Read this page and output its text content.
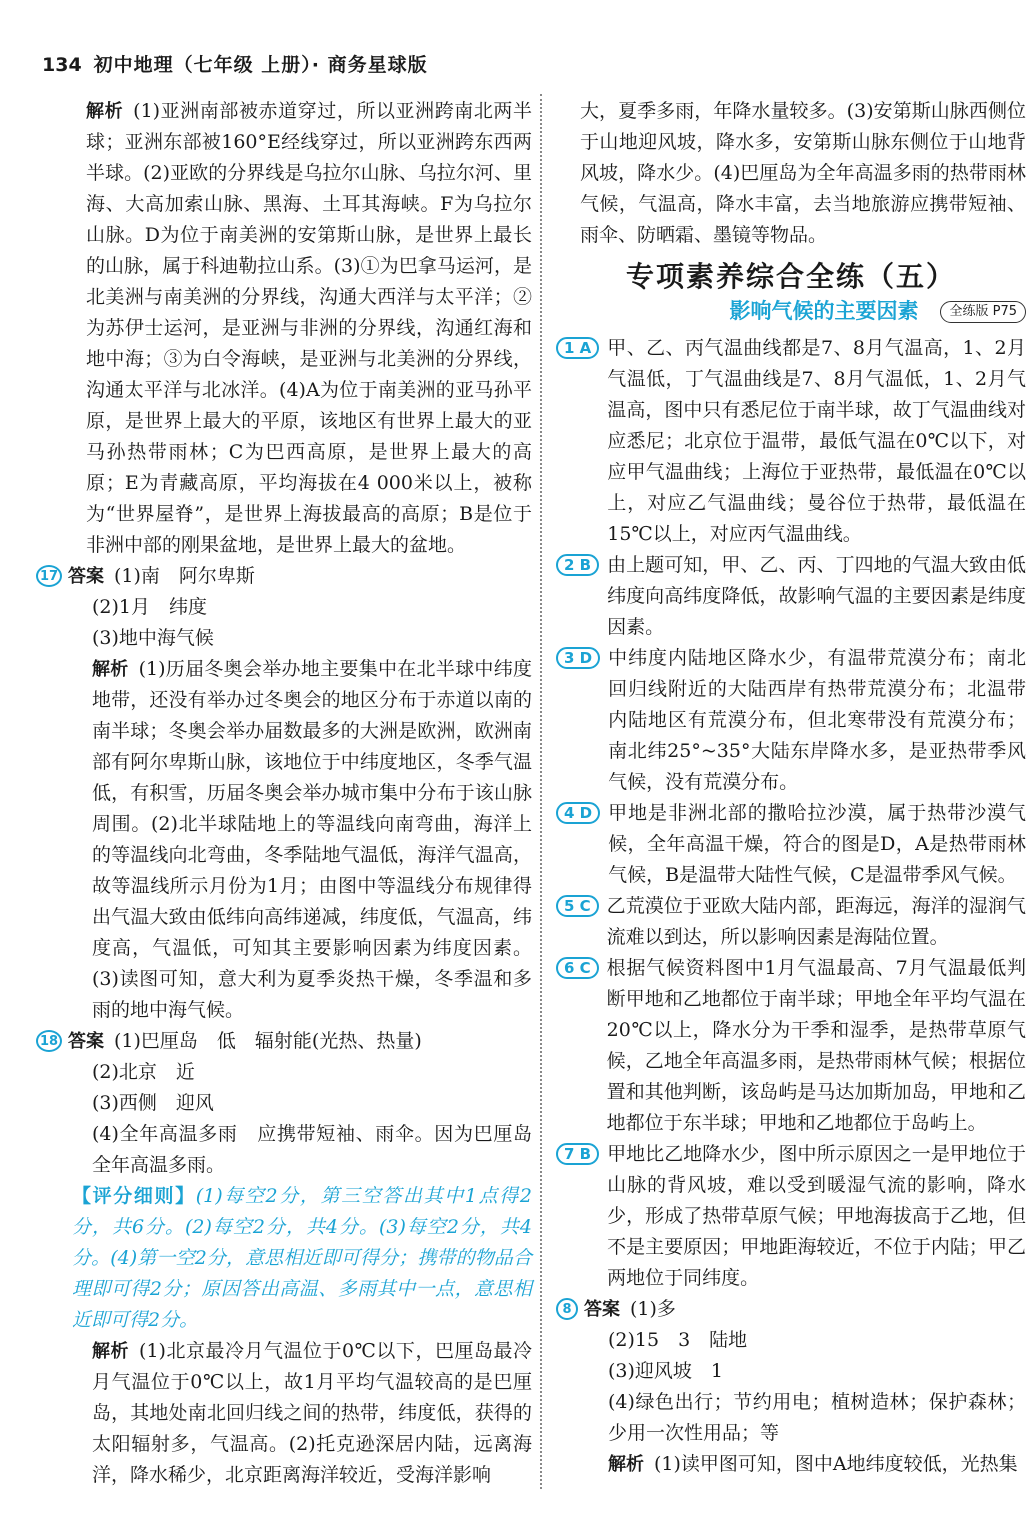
134 初中地理（七年级 上册）· 商务星球版
解析 (1)亚洲南部被赤道穿过，所以亚洲跨南北两半球；亚洲东部被160°E经线穿过，所以亚洲跨东西两半球。(2)亚欧的分界线是乌拉尔山脉、乌拉尔河、里海、大高加索山脉、黑海、土耳其海峡。F为乌拉尔山脉。D为位于南美洲的安第斯山脉，是世界上最长的山脉，属于科迪勒拉山系。(3)①为巴拿马运河，是北美洲与南美洲的分界线，沟通大西洋与太平洋；②为苏伊士运河，是亚洲与非洲的分界线，沟通红海和地中海；③为白令海峡，是亚洲与北美洲的分界线，沟通太平洋与北冰洋。(4)A为位于南美洲的亚马孙平原，是世界上最大的平原，该地区有世界上最大的亚马孙热带雨林；C为巴西高原，是世界上最大的高原；E为青藏高原，平均海拔在4 000米以上，被称为“世界屋脊”，是世界上海拔最高的高原；B是位于非洲中部的刚果盆地，是世界上最大的盆地。
17 答案 (1)南　阿尔卑斯
(2)1月　纬度
(3)地中海气候
解析 (1)历届冬奥会举办地主要集中在北半球中纬度地带，还没有举办过冬奥会的地区分布于赤道以南的南半球；冬奥会举办届数最多的大洲是欧洲，欧洲南部有阿尔卑斯山脉，该地位于中纬度地区，冬季气温低，有积雪，历届冬奥会举办城市集中分布于该山脉周围。(2)北半球陆地上的等温线向南弯曲，海洋上的等温线向北弯曲，冬季陆地气温低，海洋气温高，故等温线所示月份为1月；由图中等温线分布规律得出气温大致由低纬向高纬递减，纬度低，气温高，纬度高，气温低，可知其主要影响因素为纬度因素。(3)读图可知，意大利为夏季炎热干燥，冬季温和多雨的地中海气候。
18 答案 (1)巴厘岛　低　辐射能(光热、热量)
(2)北京　近
(3)西侧　迎风
(4)全年高温多雨　应携带短袖、雨伞。因为巴厘岛全年高温多雨。
【评分细则】(1)每空2分，第三空答出其中1点得2分，共6分。(2)每空2分，共4分。(3)每空2分，共4分。(4)第一空2分，意思相近即可得分；携带的物品合理即可得2分；原因答出高温、多雨其中一点，意思相近即可得2分。
解析 (1)北京最冷月气温位于0℃以下，巴厘岛最冷月气温位于0℃以上，故1月平均气温较高的是巴厘岛，其地处南北回归线之间的热带，纬度低，获得的太阳辐射多，气温高。(2)托克逊深居内陆，远离海洋，降水稀少，北京距离海洋较近，受海洋影响
大，夏季多雨，年降水量较多。(3)安第斯山脉西侧位于山地迎风坡，降水多，安第斯山脉东侧位于山地背风坡，降水少。(4)巴厘岛为全年高温多雨的热带雨林气候，气温高，降水丰富，去当地旅游应携带短袖、雨伞、防晒霜、墨镜等物品。
专项素养综合全练（五）
影响气候的主要因素	全练版 P75
1 A 甲、乙、丙气温曲线都是7、8月气温高，1、2月气温低，丁气温曲线是7、8月气温低，1、2月气温高，图中只有悉尼位于南半球，故丁气温曲线对应悉尼；北京位于温带，最低气温在0℃以下，对应甲气温曲线；上海位于亚热带，最低温在0℃以上，对应乙气温曲线；曼谷位于热带，最低温在15℃以上，对应丙气温曲线。
2 B 由上题可知，甲、乙、丙、丁四地的气温大致由低纬度向高纬度降低，故影响气温的主要因素是纬度因素。
3 D 中纬度内陆地区降水少，有温带荒漠分布；南北回归线附近的大陆西岸有热带荒漠分布；北温带内陆地区有荒漠分布，但北寒带没有荒漠分布；南北纬25°~35°大陆东岸降水多，是亚热带季风气候，没有荒漠分布。
4 D 甲地是非洲北部的撒哈拉沙漠，属于热带沙漠气候，全年高温干燥，符合的图是D，A是热带雨林气候，B是温带大陆性气候，C是温带季风气候。
5 C 乙荒漠位于亚欧大陆内部，距海远，海洋的湿润气流难以到达，所以影响因素是海陆位置。
6 C 根据气候资料图中1月气温最高、7月气温最低判断甲地和乙地都位于南半球；甲地全年平均气温在20℃以上，降水分为干季和湿季，是热带草原气候，乙地全年高温多雨，是热带雨林气候；根据位置和其他判断，该岛屿是马达加斯加岛，甲地和乙地都位于东半球；甲地和乙地都位于岛屿上。
7 B 甲地比乙地降水少，图中所示原因之一是甲地位于山脉的背风坡，难以受到暖湿气流的影响，降水少，形成了热带草原气候；甲地海拔高于乙地，但不是主要原因；甲地距海较近，不位于内陆；甲乙两地位于同纬度。
8 答案 (1)多
(2)15　3　陆地
(3)迎风坡　1
(4)绿色出行；节约用电；植树造林；保护森林；少用一次性用品；等
解析 (1)读甲图可知，图中A地纬度较低，光热集
